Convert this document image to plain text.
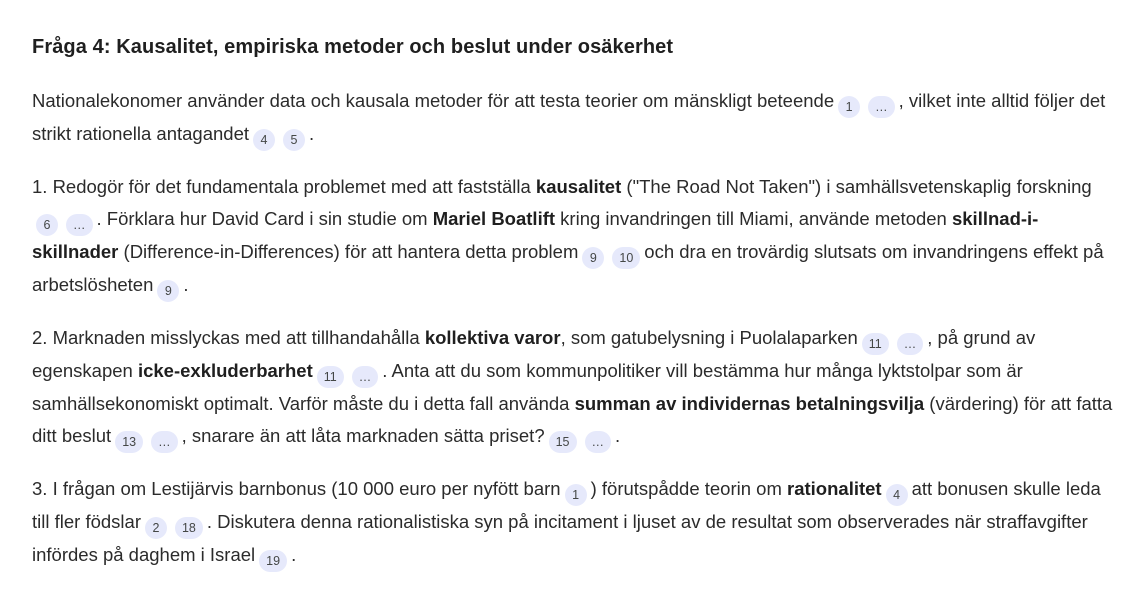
Fråga 4: Kausalitet, empiriska metoder och beslut under osäkerhet

Nationalekonomer använder data och kausala metoder för att testa teorier om mänskligt beteende 1 … , vilket inte alltid följer det strikt rationella antagandet 4 5 .

1. Redogör för det fundamentala problemet med att fastställa kausalitet ("The Road Not Taken") i samhällsvetenskaplig forskning6 … . Förklara hur David Card i sin studie om Mariel Boatlift kring invandringen till Miami, använde metoden skillnad-i-skillnader (Difference-in-Differences) för att hantera detta problem 9 10 och dra en trovärdig slutsats om invandringens effekt på arbetslösheten 9 .

2. Marknaden misslyckas med att tillhandahålla kollektiva varor, som gatubelysning i Puolalaparken 11 … , på grund av egenskapen icke-exkluderbarhet 11 … . Anta att du som kommunpolitiker vill bestämma hur många lyktstolpar som är samhällsekonomiskt optimalt. Varför måste du i detta fall använda summan av individernas betalningsvilja (värdering) för att fatta ditt beslut 13 … , snarare än att låta marknaden sätta priset? 15 … .

3. I frågan om Lestijärvis barnbonus (10 000 euro per nyfött barn 1 ) förutspådde teorin om rationalitet 4 att bonusen skulle leda till fler födslar 2 18 . Diskutera denna rationalistiska syn på incitament i ljuset av de resultat som observerades när straffavgifter infördes på daghem i Israel 19 .
